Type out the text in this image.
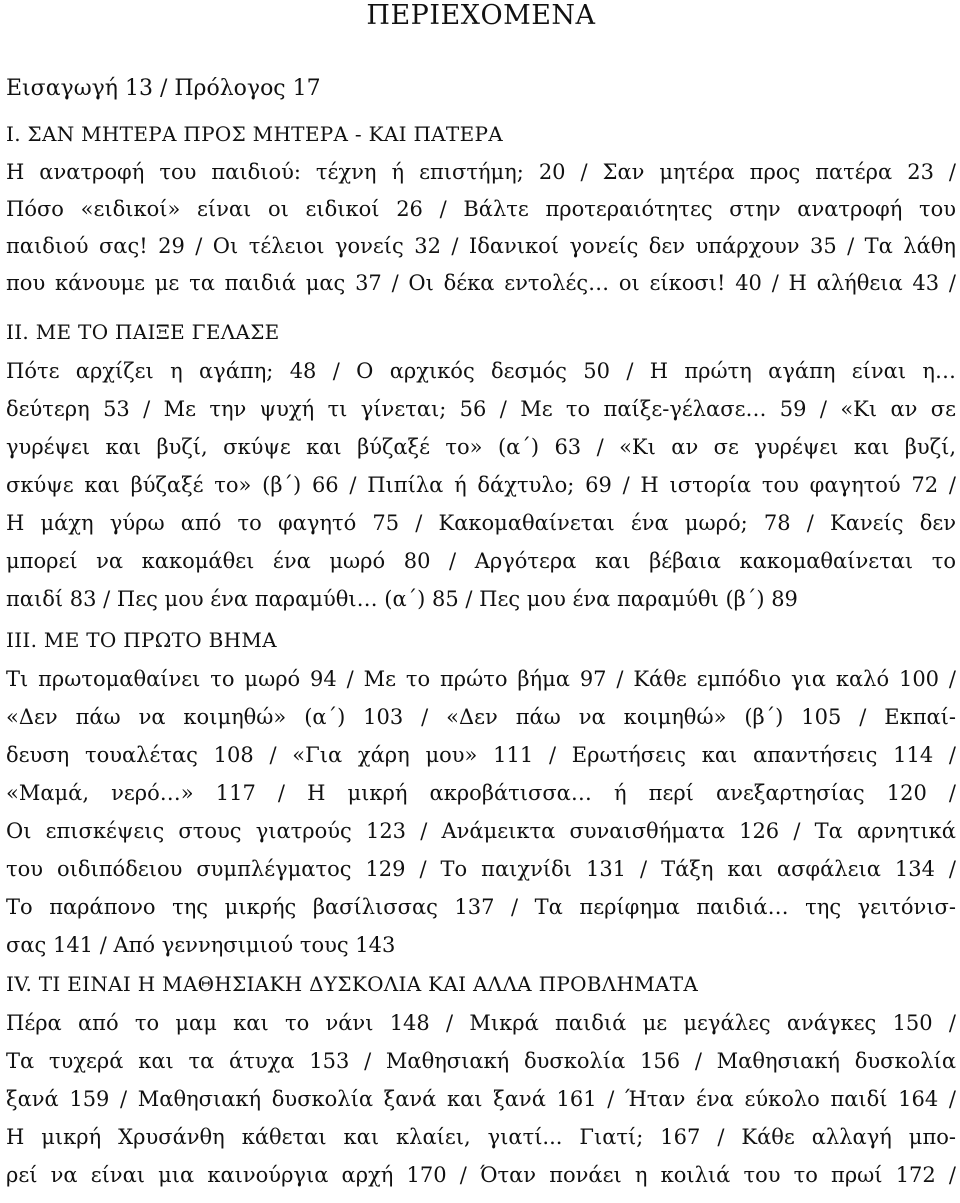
ΠΕΡΙΕΧΟΜΕΝΑ

Εισαγωγή 13 / Πρόλογος 17

Ι. ΣΑΝ ΜΗΤΕΡΑ ΠΡΟΣ ΜΗΤΕΡΑ - ΚΑΙ ΠΑΤΕΡΑ

Η ανατροφή του παιδιού: τέχνη ή επιστήμη; 20 / Σαν μητέρα προς πατέρα 23 /

Πόσο «ειδικοί» είναι οι ειδικοί 26 / Βάλτε προτεραιότητες στην ανατροφή του

παιδιού σας! 29 / Οι τέλειοι γονείς 32 / Ιδανικοί γονείς δεν υπάρχουν 35 / Τα λάθη

που κάνουμε με τα παιδιά μας 37 / Οι δέκα εντολές… οι είκοσι! 40 / Η αλήθεια 43 /

ΙΙ. ΜΕ ΤΟ ΠΑΙΞΕ ΓΕΛΑΣΕ

Πότε αρχίζει η αγάπη; 48 / Ο αρχικός δεσμός 50 / Η πρώτη αγάπη είναι η…

δεύτερη 53 / Με την ψυχή τι γίνεται; 56 / Με το παίξε-γέλασε… 59 / «Κι αν σε

γυρέψει και βυζί, σκύψε και βύζαξέ το» (α΄) 63 / «Κι αν σε γυρέψει και βυζί,

σκύψε και βύζαξέ το» (β΄) 66 / Πιπίλα ή δάχτυλο; 69 / Η ιστορία του φαγητού 72 /

Η μάχη γύρω από το φαγητό 75 / Κακομαθαίνεται ένα μωρό; 78 / Κανείς δεν

μπορεί να κακομάθει ένα μωρό 80 / Αργότερα και βέβαια κακομαθαίνεται το

παιδί 83 / Πες μου ένα παραμύθι… (α΄) 85 / Πες μου ένα παραμύθι (β΄) 89

ΙΙΙ. ΜΕ ΤΟ ΠΡΩΤΟ ΒΗΜΑ

Τι πρωτομαθαίνει το μωρό 94 / Με το πρώτο βήμα 97 / Κάθε εμπόδιο για καλό 100 /

«Δεν πάω να κοιμηθώ» (α΄) 103 / «Δεν πάω να κοιμηθώ» (β΄) 105 / Εκπαί-

δευση τουαλέτας 108 / «Για χάρη μου» 111 / Ερωτήσεις και απαντήσεις 114 /

«Μαμά, νερό…» 117 / Η μικρή ακροβάτισσα… ή περί ανεξαρτησίας 120 /

Οι επισκέψεις στους γιατρούς 123 / Ανάμεικτα συναισθήματα 126 / Τα αρνητικά

του οιδιπόδειου συμπλέγματος 129 / Το παιχνίδι 131 / Τάξη και ασφάλεια 134 /

Το παράπονο της μικρής βασίλισσας 137 / Τα περίφημα παιδιά… της γειτόνισ-

σας 141 / Από γεννησιμιού τους 143

ΙV. ΤΙ ΕΙΝΑΙ Η ΜΑΘΗΣΙΑΚΗ ΔΥΣΚΟΛΙΑ ΚΑΙ ΑΛΛΑ ΠΡΟΒΛΗΜΑΤΑ

Πέρα από το μαμ και το νάνι 148 / Μικρά παιδιά με μεγάλες ανάγκες 150 /

Τα τυχερά και τα άτυχα 153 / Μαθησιακή δυσκολία 156 / Μαθησιακή δυσκολία

ξανά 159 / Μαθησιακή δυσκολία ξανά και ξανά 161 / Ήταν ένα εύκολο παιδί 164 /

Η μικρή Χρυσάνθη κάθεται και κλαίει, γιατί... Γιατί; 167 / Κάθε αλλαγή μπο-

ρεί να είναι μια καινούργια αρχή 170 / Όταν πονάει η κοιλιά του το πρωί 172 /
